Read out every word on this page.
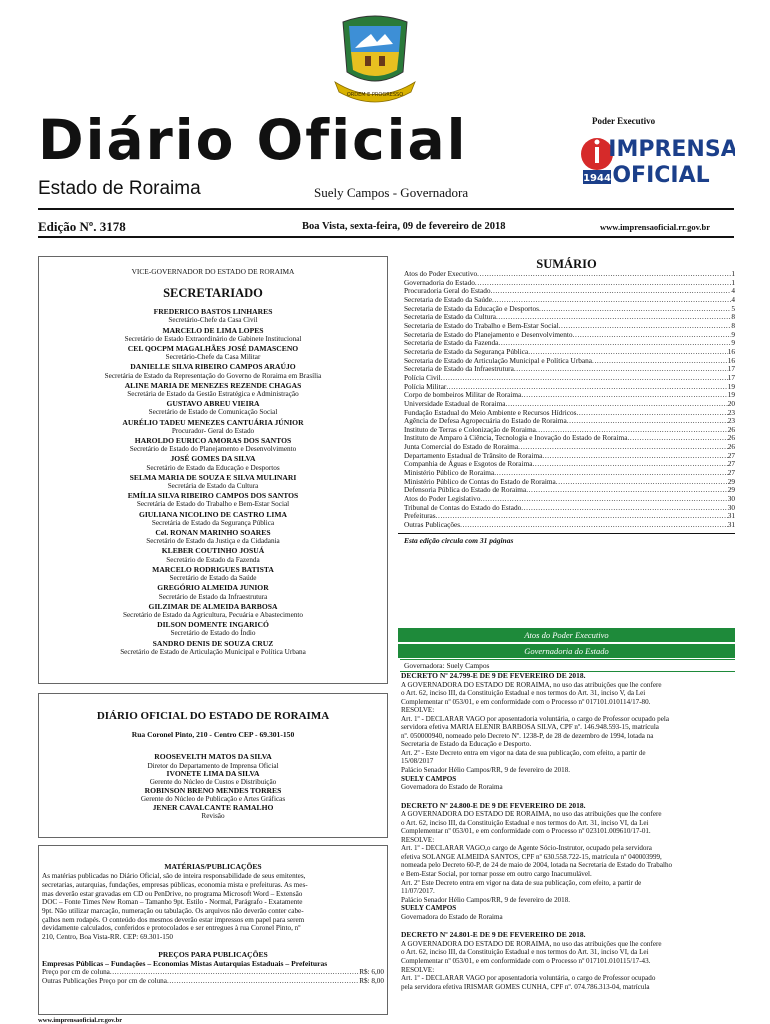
ORDEM E PROGRESSO
Diário Oficial
Estado de Roraima	Suely Campos - Governadora
Poder Executivo
1944
IMPRENSA
OFICIAL
Edição Nº. 3178	Boa Vista, sexta-feira, 09 de fevereiro de 2018	www.imprensaoficial.rr.gov.br
VICE-GOVERNADOR DO ESTADO DE RORAIMA
SECRETARIADO
FREDERICO BASTOS LINHARES
Secretário-Chefe da Casa Civil
MARCELO DE LIMA LOPES
Secretário de Estado Extraordinário de Gabinete Institucional
CEL QOCPM MAGALHÃES JOSÉ DAMASCENO
Secretário-Chefe da Casa Militar
DANIELLE SILVA RIBEIRO CAMPOS ARAÚJO
Secretária de Estado da Representação do Governo de Roraima em Brasília
ALINE MARIA DE MENEZES REZENDE CHAGAS
Secretária de Estado da Gestão Estratégica e Administração
GUSTAVO ABREU VIEIRA
Secretário de Estado de Comunicação Social
AURÉLIO TADEU MENEZES CANTUÁRIA JÚNIOR
Procurador- Geral do Estado
HAROLDO EURICO AMORAS DOS SANTOS
Secretário de Estado do Planejamento e Desenvolvimento
JOSÉ GOMES DA SILVA
Secretário de Estado da Educação e Desportos
SELMA MARIA DE SOUZA E SILVA MULINARI
Secretária de Estado da Cultura
EMÍLIA SILVA RIBEIRO CAMPOS DOS SANTOS
Secretária de Estado do Trabalho e Bem-Estar Social
GIULIANA NICOLINO DE CASTRO LIMA
Secretária de Estado da Segurança Pública
Cel. RONAN MARINHO SOARES
Secretário de Estado da Justiça e da Cidadania
KLEBER COUTINHO JOSUÁ
Secretário de Estado da Fazenda
MARCELO RODRIGUES BATISTA
Secretário de Estado da Saúde
GREGÓRIO ALMEIDA JUNIOR
Secretário de Estado da Infraestrutura
GILZIMAR DE ALMEIDA BARBOSA
Secretário de Estado da Agricultura, Pecuária e Abastecimento
DILSON DOMENTE INGARICÓ
Secretário de Estado do Índio
SANDRO DENIS DE SOUZA CRUZ
Secretário de Estado de Articulação Municipal e Política Urbana
DIÁRIO OFICIAL DO ESTADO DE RORAIMA
Rua Coronel Pinto, 210 - Centro CEP - 69.301-150
ROOSEVELTH MATOS DA SILVA
Diretor do Departamento de Imprensa Oficial
IVONETE LIMA DA SILVA
Gerente do Núcleo de Custos e Distribuição
ROBINSON BRENO MENDES TORRES
Gerente do Núcleo de Publicação e Artes Gráficas
JENER CAVALCANTE RAMALHO
Revisão
MATÉRIAS/PUBLICAÇÕES
As matérias publicadas no Diário Oficial, são de inteira responsabilidade de seus emitentes,
secretarias, autarquias, fundações, empresas públicas, economia mista e prefeituras. As mes-
mas deverão estar gravadas em CD ou PenDrive, no programa Microsoft Word – Extensão
DOC – Fonte Times New Roman – Tamanho 9pt. Estilo - Normal, Parágrafo - Exatamente
9pt. Não utilizar marcação, numeração ou tabulação. Os arquivos não deverão conter cabe-
çalhos nem rodapés. O conteúdo dos mesmos deverão estar impressos em papel para serem
devidamente calculados, conferidos e protocolados e ser entregues à rua Coronel Pinto, nº
210, Centro, Boa Vista-RR. CEP: 69.301-150
PREÇOS PARA PUBLICAÇÕES
Empresas Públicas – Fundações – Economias Mistas Autarquias Estaduais – Prefeituras
Preço por cm de coluna .....	R$: 6,00
Outras Publicações Preço por cm de coluna .....	R$: 8,00
www.imprensaoficial.rr.gov.br
SUMÁRIO
Atos do Poder Executivo .....	1
Governadoria do Estado .....	1
Procuradoria Geral do Estado .....	4
Secretaria de Estado da Saúde .....	4
Secretaria de Estado da Educação e Desportos .....	5
Secretaria de Estado da Cultura .....	8
Secretaria de Estado do Trabalho e Bem-Estar Social .....	8
Secretaria de Estado do Planejamento e Desenvolvimento .....	9
Secretaria de Estado da Fazenda .....	9
Secretaria de Estado da Segurança Pública .....	16
Secretaria de Estado de Articulação Municipal e Política Urbana .....	16
Secretaria de Estado da Infraestrutura .....	17
Polícia Civil .....	17
Polícia Militar .....	19
Corpo de bombeiros Militar de Roraima .....	19
Universidade Estadual de Roraima .....	20
Fundação Estadual do Meio Ambiente e Recursos Hídricos .....	23
Agência de Defesa Agropecuária do Estado de Roraima .....	23
Instituto de Terras e Colonização de Roraima .....	26
Instituto de Amparo à Ciência, Tecnologia e Inovação do Estado de Roraima .....	26
Junta Comercial do Estado de Roraima .....	26
Departamento Estadual de Trânsito de Roraima .....	27
Companhia de Águas e Esgotos de Roraima .....	27
Ministério Público de Roraima .....	27
Ministério Público de Contas do Estado de Roraima .....	29
Defensoria Pública do Estado de Roraima .....	29
Atos do Poder Legislativo .....	30
Tribunal de Contas do Estado do Estado .....	30
Prefeituras .....	31
Outras Publicações .....	31
Esta edição circula com 31 páginas
Atos do Poder Executivo
Governadoria do Estado
Governadora: Suely Campos
DECRETO Nº 24.799-E DE 9 DE FEVEREIRO DE 2018.
A GOVERNADORA DO ESTADO DE RORAIMA, no uso das atribuições que lhe confere
o Art. 62, inciso III, da Constituição Estadual e nos termos do Art. 31, inciso V, da Lei
Complementar nº 053/01, e em conformidade com o Processo nº 017101.010114/17-80.
RESOLVE:
Art. 1º - DECLARAR VAGO por aposentadoria voluntária, o cargo de Professor ocupado pela
servidora efetiva MARIA ELENIR BARBOSA SILVA, CPF nº. 146.948.593-15, matrícula
nº. 050000940, nomeado pelo Decreto Nº. 1238-P, de 28 de dezembro de 1994, lotada na
Secretaria de Estado da Educação e Desporto.
Art. 2º - Este Decreto entra em vigor na data de sua publicação, com efeito, a partir de
15/08/2017
Palácio Senador Hélio Campos/RR, 9 de fevereiro de 2018.
SUELY CAMPOS
Governadora do Estado de Roraima
DECRETO Nº 24.800-E DE 9 DE FEVEREIRO DE 2018.
A GOVERNADORA DO ESTADO DE RORAIMA, no uso das atribuições que lhe confere
o Art. 62, inciso III, da Constituição Estadual e nos termos do Art. 31, inciso VI, da Lei
Complementar nº 053/01, e em conformidade com o Processo nº 023101.009610/17-01.
RESOLVE:
Art. 1º - DECLARAR VAGO,o cargo de Agente Sócio-Instrutor, ocupado pela servidora
efetiva SOLANGE ALMEIDA SANTOS, CPF nº 630.558.722-15, matrícula nº 040003999,
nomeada pelo Decreto 60-P, de 24 de maio de 2004, lotada na Secretaria de Estado do Trabalho
e Bem-Estar Social, por tornar posse em outro cargo Inacumulável.
Art. 2º Este Decreto entra em vigor na data de sua publicação, com efeito, a partir de
11/07/2017.
Palácio Senador Hélio Campos/RR, 9 de fevereiro de 2018.
SUELY CAMPOS
Governadora do Estado de Roraima
DECRETO Nº 24.801-E DE 9 DE FEVEREIRO DE 2018.
A GOVERNADORA DO ESTADO DE RORAIMA, no uso das atribuições que lhe confere
o Art. 62, inciso III, da Constituição Estadual e nos termos do Art. 31, inciso VI, da Lei
Complementar nº 053/01, e em conformidade com o Processo nº 017101.010115/17-43.
RESOLVE:
Art. 1º - DECLARAR VAGO por aposentadoria voluntária, o cargo de Professor ocupado
pela servidora efetiva IRISMAR GOMES CUNHA, CPF nº. 074.786.313-04, matrícula
